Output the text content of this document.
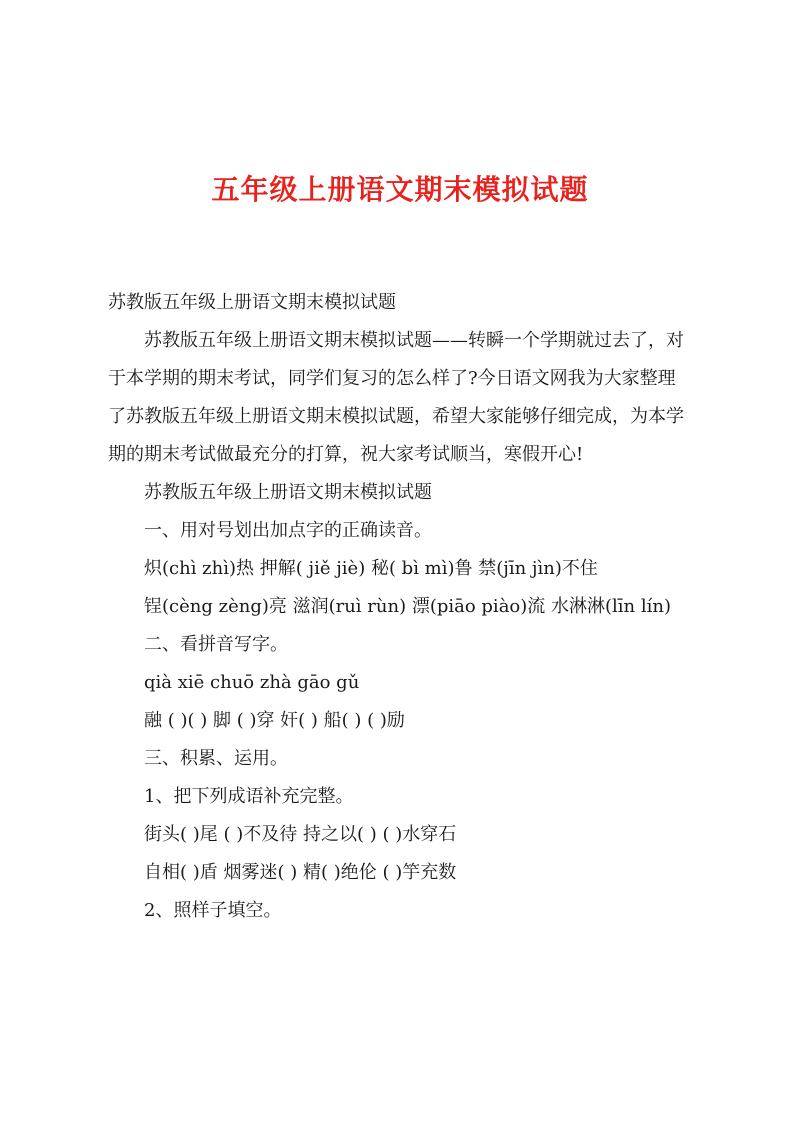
五年级上册语文期末模拟试题
苏教版五年级上册语文期末模拟试题
苏教版五年级上册语文期末模拟试题——转瞬一个学期就过去了，对
于本学期的期末考试，同学们复习的怎么样了?今日语文网我为大家整理
了苏教版五年级上册语文期末模拟试题，希望大家能够仔细完成，为本学
期的期末考试做最充分的打算，祝大家考试顺当，寒假开心!
苏教版五年级上册语文期末模拟试题
一、用对号划出加点字的正确读音。
炽(chì zhì)热 押解( jiě jiè) 秘( bì mì)鲁 禁(jīn jìn)不住
锃(cèng zèng)亮 滋润(ruì rùn) 漂(piāo piào)流 水淋淋(līn lín)
二、看拼音写字。
qià xiē chuō zhà gāo gǔ
融 ( )( ) 脚 ( )穿 奸( ) 船( ) ( )励
三、积累、运用。
1、把下列成语补充完整。
街头( )尾 ( )不及待 持之以( ) ( )水穿石
自相( )盾 烟雾迷( ) 精( )绝伦 ( )竽充数
2、照样子填空。
